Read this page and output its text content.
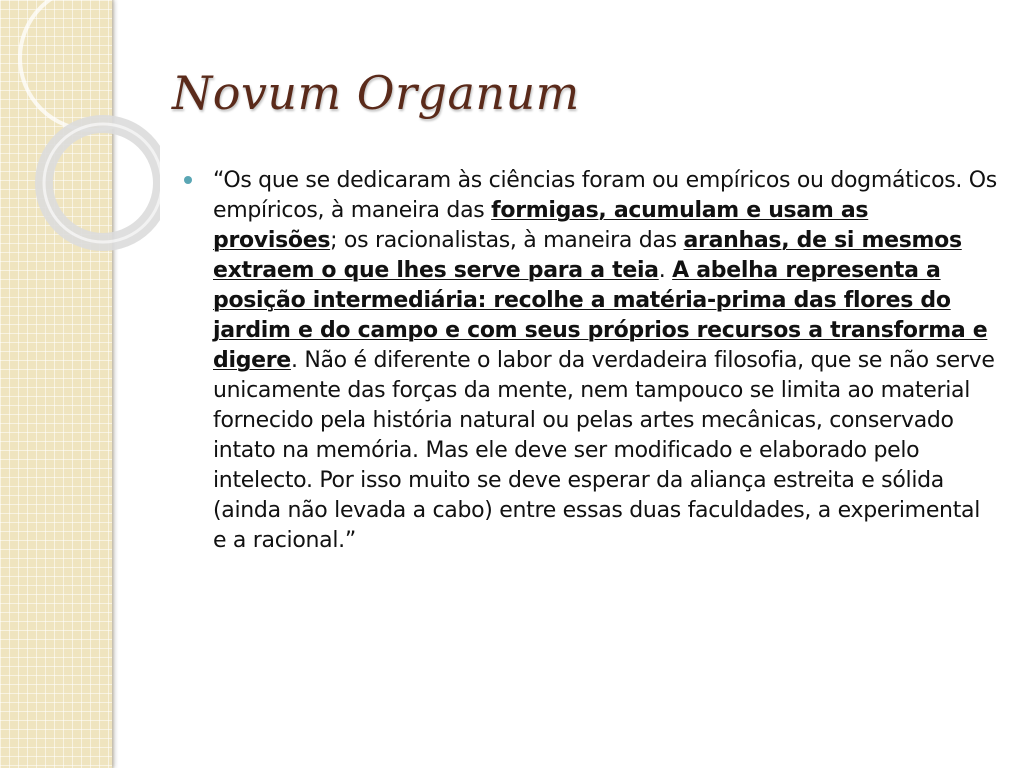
Novum Organum

“Os que se dedicaram às ciências foram ou empíricos ou dogmáticos. Os empíricos, à maneira das formigas, acumulam e usam as provisões; os racionalistas, à maneira das aranhas, de si mesmos extraem o que lhes serve para a teia. A abelha representa a posição intermediária: recolhe a matéria-prima das flores do jardim e do campo e com seus próprios recursos a transforma e digere. Não é diferente o labor da verdadeira filosofia, que se não serve unicamente das forças da mente, nem tampouco se limita ao material fornecido pela história natural ou pelas artes mecânicas, conservado intato na memória. Mas ele deve ser modificado e elaborado pelo intelecto. Por isso muito se deve esperar da aliança estreita e sólida (ainda não levada a cabo) entre essas duas faculdades, a experimental e a racional.”
